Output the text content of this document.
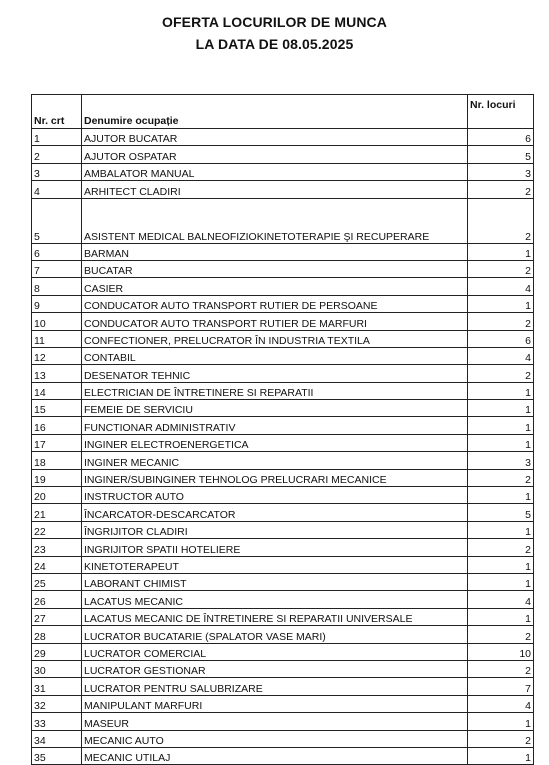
OFERTA LOCURILOR DE MUNCA
LA DATA DE 08.05.2025
Nr. crt	Denumire ocupație	Nr. locuri
1	AJUTOR BUCATAR	6
2	AJUTOR OSPATAR	5
3	AMBALATOR MANUAL	3
4	ARHITECT CLADIRI	2
5	ASISTENT MEDICAL BALNEOFIZIOKINETOTERAPIE ŞI RECUPERARE	2
6	BARMAN	1
7	BUCATAR	2
8	CASIER	4
9	CONDUCATOR AUTO TRANSPORT RUTIER DE PERSOANE	1
10	CONDUCATOR AUTO TRANSPORT RUTIER DE MARFURI	2
11	CONFECTIONER, PRELUCRATOR ÎN INDUSTRIA TEXTILA	6
12	CONTABIL	4
13	DESENATOR TEHNIC	2
14	ELECTRICIAN DE ÎNTRETINERE SI REPARATII	1
15	FEMEIE DE SERVICIU	1
16	FUNCTIONAR ADMINISTRATIV	1
17	INGINER ELECTROENERGETICA	1
18	INGINER MECANIC	3
19	INGINER/SUBINGINER TEHNOLOG PRELUCRARI MECANICE	2
20	INSTRUCTOR AUTO	1
21	ÎNCARCATOR-DESCARCATOR	5
22	ÎNGRIJITOR CLADIRI	1
23	INGRIJITOR SPATII HOTELIERE	2
24	KINETOTERAPEUT	1
25	LABORANT CHIMIST	1
26	LACATUS MECANIC	4
27	LACATUS MECANIC DE ÎNTRETINERE SI REPARATII UNIVERSALE	1
28	LUCRATOR BUCATARIE (SPALATOR VASE MARI)	2
29	LUCRATOR COMERCIAL	10
30	LUCRATOR GESTIONAR	2
31	LUCRATOR PENTRU SALUBRIZARE	7
32	MANIPULANT MARFURI	4
33	MASEUR	1
34	MECANIC AUTO	2
35	MECANIC UTILAJ	1
